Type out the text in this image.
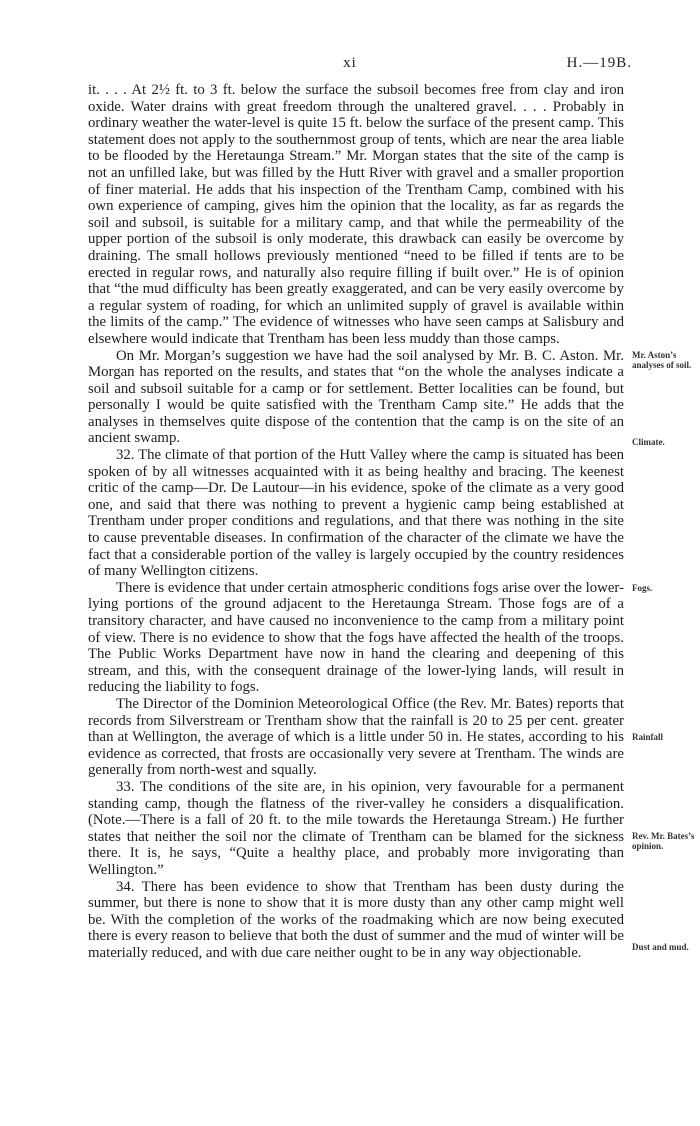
xi	H.—19B.

it. . . . At 2½ ft. to 3 ft. below the surface the subsoil becomes free from clay and iron oxide. Water drains with great freedom through the unaltered gravel. . . . Probably in ordinary weather the water-level is quite 15 ft. below the surface of the present camp. This statement does not apply to the southernmost group of tents, which are near the area liable to be flooded by the Heretaunga Stream.” Mr. Morgan states that the site of the camp is not an unfilled lake, but was filled by the Hutt River with gravel and a smaller proportion of finer material. He adds that his inspection of the Trentham Camp, combined with his own experience of camping, gives him the opinion that the locality, as far as regards the soil and subsoil, is suitable for a military camp, and that while the permeability of the upper portion of the subsoil is only moderate, this drawback can easily be overcome by draining. The small hollows previously mentioned “need to be filled if tents are to be erected in regular rows, and naturally also require filling if built over.” He is of opinion that “the mud difficulty has been greatly exaggerated, and can be very easily overcome by a regular system of roading, for which an unlimited supply of gravel is available within the limits of the camp.” The evidence of witnesses who have seen camps at Salisbury and elsewhere would indicate that Trentham has been less muddy than those camps.

On Mr. Morgan’s suggestion we have had the soil analysed by Mr. B. C. Aston. Mr. Morgan has reported on the results, and states that “on the whole the analyses indicate a soil and subsoil suitable for a camp or for settlement. Better localities can be found, but personally I would be quite satisfied with the Trentham Camp site.” He adds that the analyses in themselves quite dispose of the contention that the camp is on the site of an ancient swamp.

32. The climate of that portion of the Hutt Valley where the camp is situated has been spoken of by all witnesses acquainted with it as being healthy and bracing. The keenest critic of the camp—Dr. De Lautour—in his evidence, spoke of the climate as a very good one, and said that there was nothing to prevent a hygienic camp being established at Trentham under proper conditions and regulations, and that there was nothing in the site to cause preventable diseases. In confirmation of the character of the climate we have the fact that a considerable portion of the valley is largely occupied by the country residences of many Wellington citizens.

There is evidence that under certain atmospheric conditions fogs arise over the lower-lying portions of the ground adjacent to the Heretaunga Stream. Those fogs are of a transitory character, and have caused no inconvenience to the camp from a military point of view. There is no evidence to show that the fogs have affected the health of the troops. The Public Works Department have now in hand the clearing and deepening of this stream, and this, with the consequent drainage of the lower-lying lands, will result in reducing the liability to fogs.

The Director of the Dominion Meteorological Office (the Rev. Mr. Bates) reports that records from Silverstream or Trentham show that the rainfall is 20 to 25 per cent. greater than at Wellington, the average of which is a little under 50 in. He states, according to his evidence as corrected, that frosts are occasionally very severe at Trentham. The winds are generally from north-west and squally.

33. The conditions of the site are, in his opinion, very favourable for a permanent standing camp, though the flatness of the river-valley he considers a disqualification. (Note.—There is a fall of 20 ft. to the mile towards the Heretaunga Stream.) He further states that neither the soil nor the climate of Trentham can be blamed for the sickness there. It is, he says, “Quite a healthy place, and probably more invigorating than Wellington.”

34. There has been evidence to show that Trentham has been dusty during the summer, but there is none to show that it is more dusty than any other camp might well be. With the completion of the works of the roadmaking which are now being executed there is every reason to believe that both the dust of summer and the mud of winter will be materially reduced, and with due care neither ought to be in any way objectionable.

Mr. Aston’s analyses of soil.
Climate.
Fogs.
Rainfall
Rev. Mr. Bates’s opinion.
Dust and mud.
